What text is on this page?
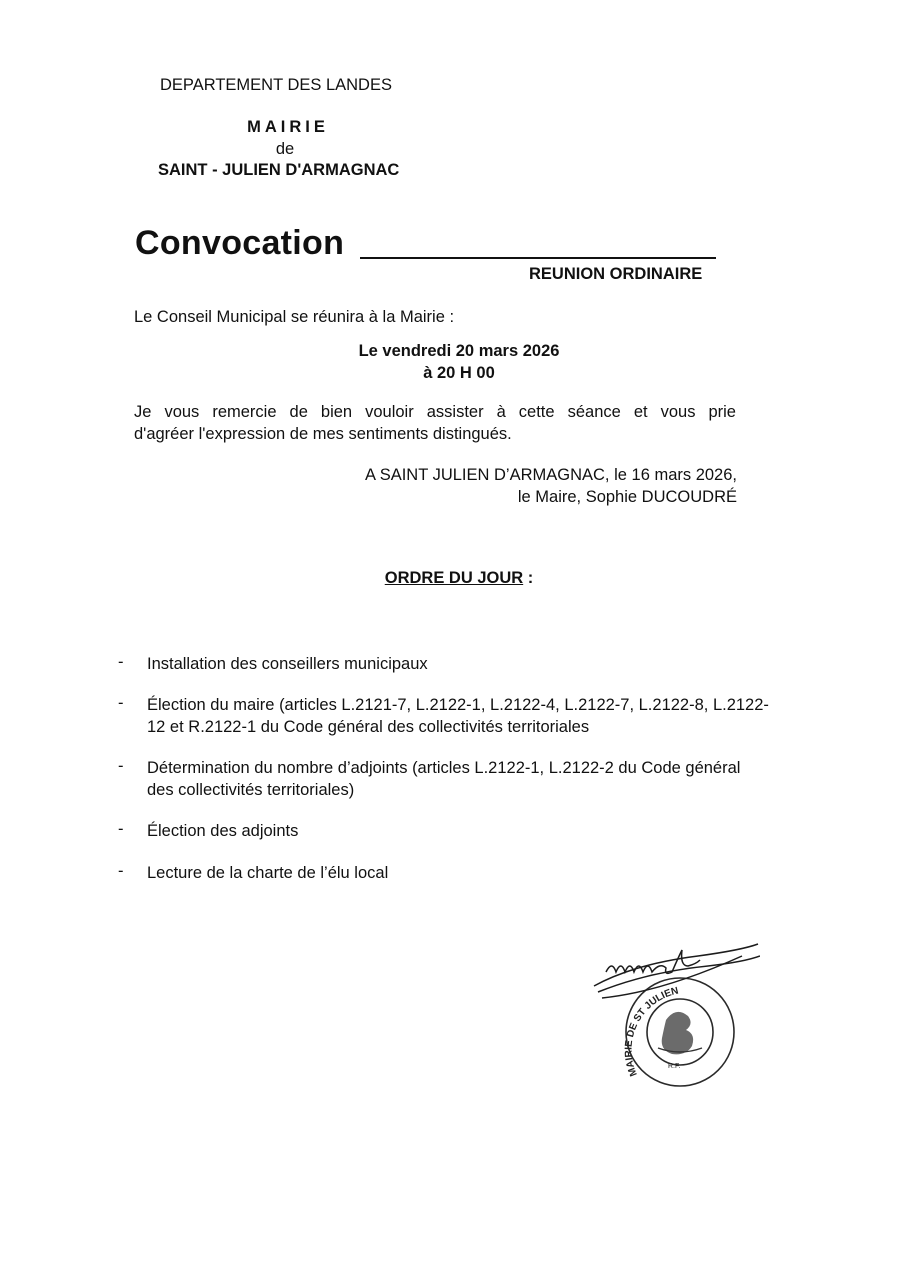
DEPARTEMENT DES LANDES
MAIRIE
de
SAINT - JULIEN D'ARMAGNAC
Convocation
REUNION ORDINAIRE
Le Conseil Municipal se réunira à la Mairie :
Le vendredi 20 mars 2026
à 20 H 00
Je vous remercie de bien vouloir assister à cette séance et vous prie
d'agréer l'expression de mes sentiments distingués.
A SAINT JULIEN D’ARMAGNAC, le 16 mars 2026,
le Maire, Sophie DUCOUDRÉ
ORDRE DU JOUR :
- Installation des conseillers municipaux
- Élection du maire (articles L.2121-7, L.2122-1, L.2122-4, L.2122-7, L.2122-8, L.2122-
12 et R.2122-1 du Code général des collectivités territoriales
- Détermination du nombre d’adjoints (articles L.2122-1, L.2122-2 du Code général
des collectivités territoriales)
- Élection des adjoints
- Lecture de la charte de l’élu local
R.F.
MAIRIE DE ST JULIEN
